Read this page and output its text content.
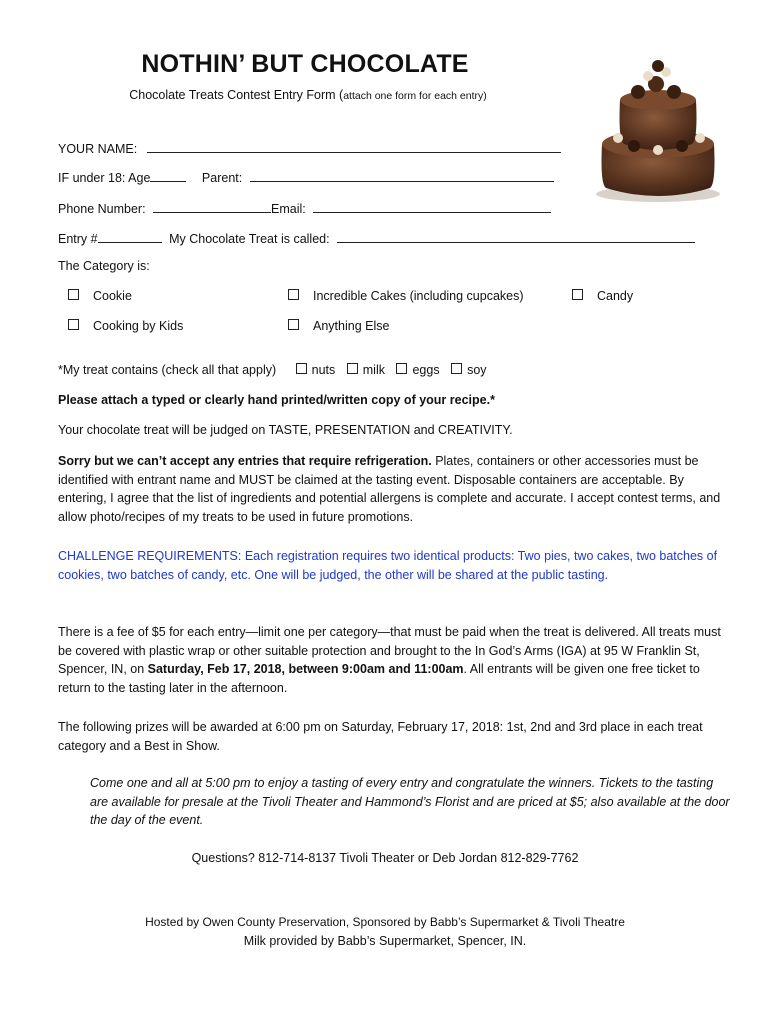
NOTHIN’ BUT CHOCOLATE
Chocolate Treats Contest Entry Form (attach one form for each entry)
YOUR NAME:
IF under 18: Age	Parent:
Phone Number:	Email:
Entry #	My Chocolate Treat is called:
The Category is:
Cookie	Incredible Cakes (including cupcakes)	Candy
Cooking by Kids	Anything Else
*My treat contains (check all that apply)	nuts milk eggs soy
Please attach a typed or clearly hand printed/written copy of your recipe.*
Your chocolate treat will be judged on TASTE, PRESENTATION and CREATIVITY.
Sorry but we can’t accept any entries that require refrigeration. Plates, containers or other accessories must be identified with entrant name and MUST be claimed at the tasting event. Disposable containers are acceptable. By entering, I agree that the list of ingredients and potential allergens is complete and accurate. I accept contest terms, and allow photo/recipes of my treats to be used in future promotions.
CHALLENGE REQUIREMENTS: Each registration requires two identical products: Two pies, two cakes, two batches of cookies, two batches of candy, etc. One will be judged, the other will be shared at the public tasting.
There is a fee of $5 for each entry—limit one per category—that must be paid when the treat is delivered. All treats must be covered with plastic wrap or other suitable protection and brought to the In God’s Arms (IGA) at 95 W Franklin St, Spencer, IN, on Saturday, Feb 17, 2018, between 9:00am and 11:00am. All entrants will be given one free ticket to return to the tasting later in the afternoon.
The following prizes will be awarded at 6:00 pm on Saturday, February 17, 2018: 1st, 2nd and 3rd place in each treat category and a Best in Show.
Come one and all at 5:00 pm to enjoy a tasting of every entry and congratulate the winners. Tickets to the tasting are available for presale at the Tivoli Theater and Hammond’s Florist and are priced at $5; also available at the door the day of the event.
Questions? 812-714-8137 Tivoli Theater or Deb Jordan 812-829-7762
Hosted by Owen County Preservation, Sponsored by Babb’s Supermarket & Tivoli Theatre
Milk provided by Babb’s Supermarket, Spencer, IN.
